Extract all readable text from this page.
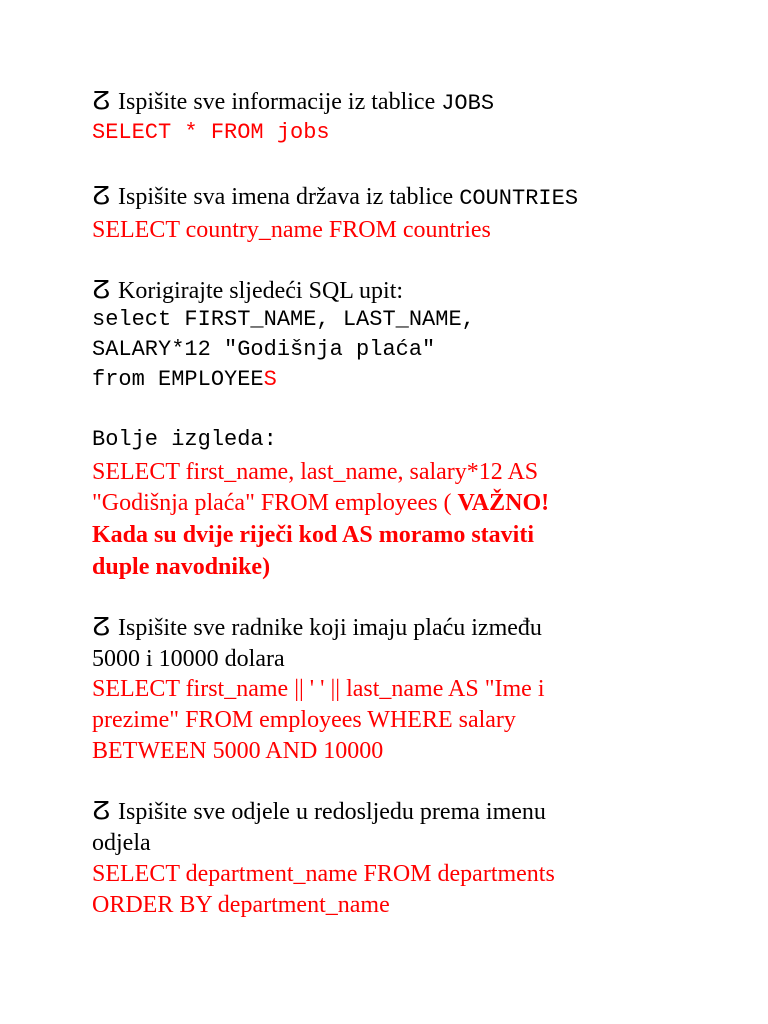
ⵒ Ispišite sve informacije iz tablice JOBS
SELECT * FROM jobs
ⵒ Ispišite sva imena država iz tablice COUNTRIES
SELECT country_name FROM countries
ⵒ Korigirajte sljedeći SQL upit:
select FIRST_NAME, LAST_NAME,
SALARY*12 "Godišnja plaća"
from EMPLOYEES
Bolje izgleda:
SELECT first_name, last_name, salary*12 AS
"Godišnja plaća" FROM employees ( VAŽNO!
Kada su dvije riječi kod AS moramo staviti
duple navodnike)
ⵒ Ispišite sve radnike koji imaju plaću između
5000 i 10000 dolara
SELECT first_name || ' ' || last_name AS "Ime i
prezime" FROM employees WHERE salary
BETWEEN 5000 AND 10000
ⵒ Ispišite sve odjele u redosljedu prema imenu
odjela
SELECT department_name FROM departments
ORDER BY department_name
